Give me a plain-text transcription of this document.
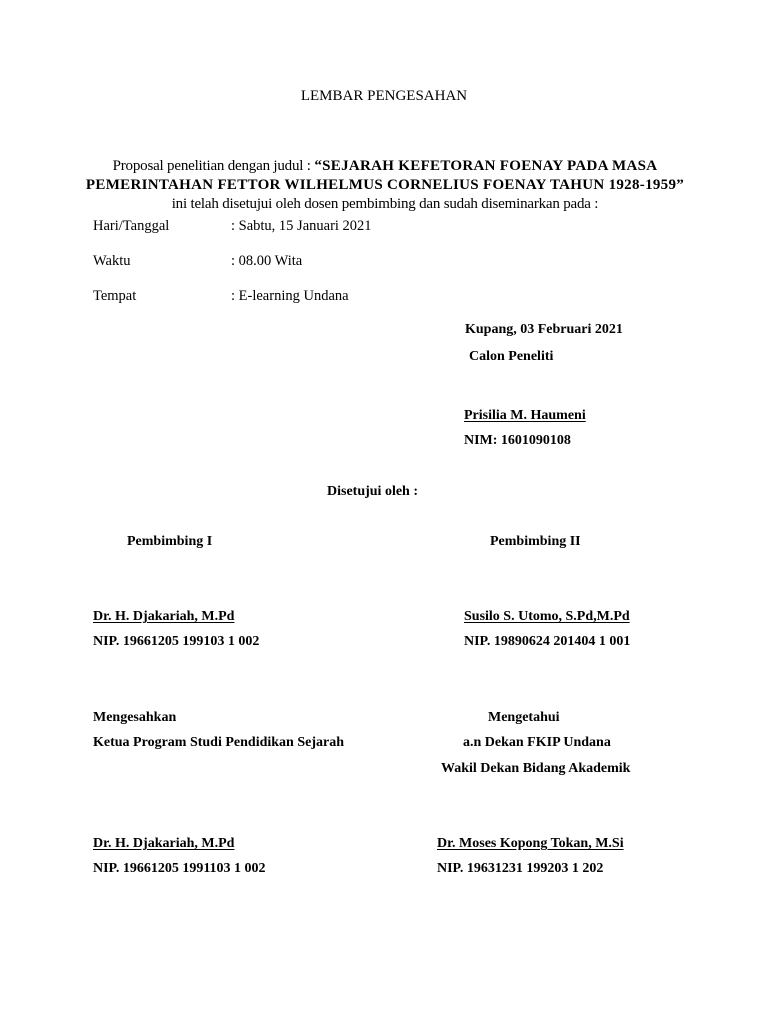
LEMBAR PENGESAHAN
Proposal penelitian dengan judul : “SEJARAH KEFETORAN FOENAY PADA MASA PEMERINTAHAN FETTOR WILHELMUS CORNELIUS FOENAY TAHUN 1928-1959” ini telah disetujui oleh dosen pembimbing dan sudah diseminarkan pada :
Hari/Tanggal	: Sabtu, 15 Januari 2021
Waktu	: 08.00 Wita
Tempat	: E-learning Undana
Kupang, 03 Februari 2021
Calon Peneliti
Prisilia M. Haumeni
NIM: 1601090108
Disetujui oleh :
Pembimbing I	Pembimbing II
Dr. H. Djakariah, M.Pd	Susilo S. Utomo, S.Pd,M.Pd
NIP. 19661205 199103 1 002	NIP. 19890624 201404 1 001
Mengesahkan	Mengetahui
Ketua Program Studi Pendidikan Sejarah	a.n Dekan FKIP Undana
Wakil Dekan Bidang Akademik
Dr. H. Djakariah, M.Pd	Dr. Moses Kopong Tokan, M.Si
NIP. 19661205 1991103 1 002	NIP. 19631231 199203 1 202
